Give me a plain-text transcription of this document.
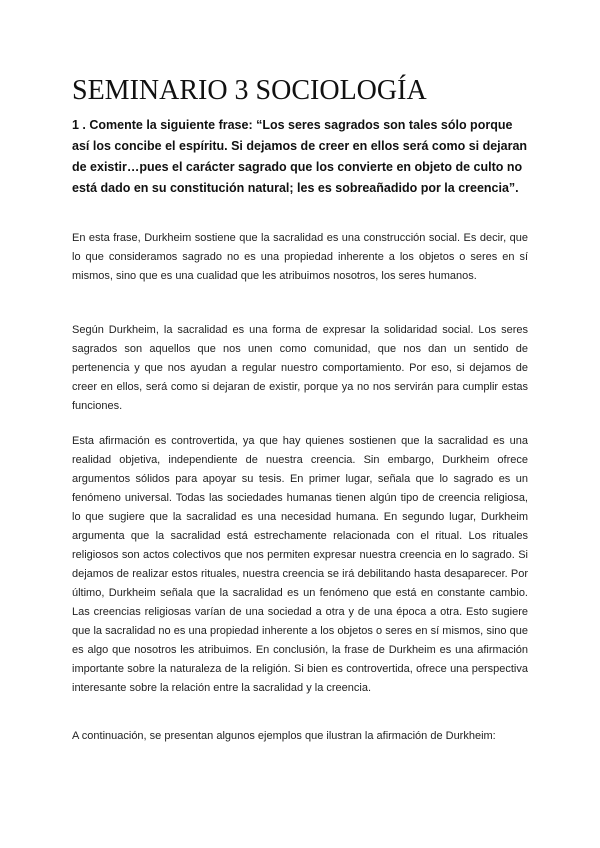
SEMINARIO 3 SOCIOLOGÍA

1 . Comente la siguiente frase: “Los seres sagrados son tales sólo porque así los concibe el espíritu. Si dejamos de creer en ellos será como si dejaran de existir…pues el carácter sagrado que los convierte en objeto de culto no está dado en su constitución natural; les es sobreañadido por la creencia”.

En esta frase, Durkheim sostiene que la sacralidad es una construcción social. Es decir, que lo que consideramos sagrado no es una propiedad inherente a los objetos o seres en sí mismos, sino que es una cualidad que les atribuimos nosotros, los seres humanos.

Según Durkheim, la sacralidad es una forma de expresar la solidaridad social. Los seres sagrados son aquellos que nos unen como comunidad, que nos dan un sentido de pertenencia y que nos ayudan a regular nuestro comportamiento. Por eso, si dejamos de creer en ellos, será como si dejaran de existir, porque ya no nos servirán para cumplir estas funciones.

Esta afirmación es controvertida, ya que hay quienes sostienen que la sacralidad es una realidad objetiva, independiente de nuestra creencia. Sin embargo, Durkheim ofrece argumentos sólidos para apoyar su tesis. En primer lugar, señala que lo sagrado es un fenómeno universal. Todas las sociedades humanas tienen algún tipo de creencia religiosa, lo que sugiere que la sacralidad es una necesidad humana. En segundo lugar, Durkheim argumenta que la sacralidad está estrechamente relacionada con el ritual. Los rituales religiosos son actos colectivos que nos permiten expresar nuestra creencia en lo sagrado. Si dejamos de realizar estos rituales, nuestra creencia se irá debilitando hasta desaparecer. Por último, Durkheim señala que la sacralidad es un fenómeno que está en constante cambio. Las creencias religiosas varían de una sociedad a otra y de una época a otra. Esto sugiere que la sacralidad no es una propiedad inherente a los objetos o seres en sí mismos, sino que es algo que nosotros les atribuimos. En conclusión, la frase de Durkheim es una afirmación importante sobre la naturaleza de la religión. Si bien es controvertida, ofrece una perspectiva interesante sobre la relación entre la sacralidad y la creencia.

A continuación, se presentan algunos ejemplos que ilustran la afirmación de Durkheim:
